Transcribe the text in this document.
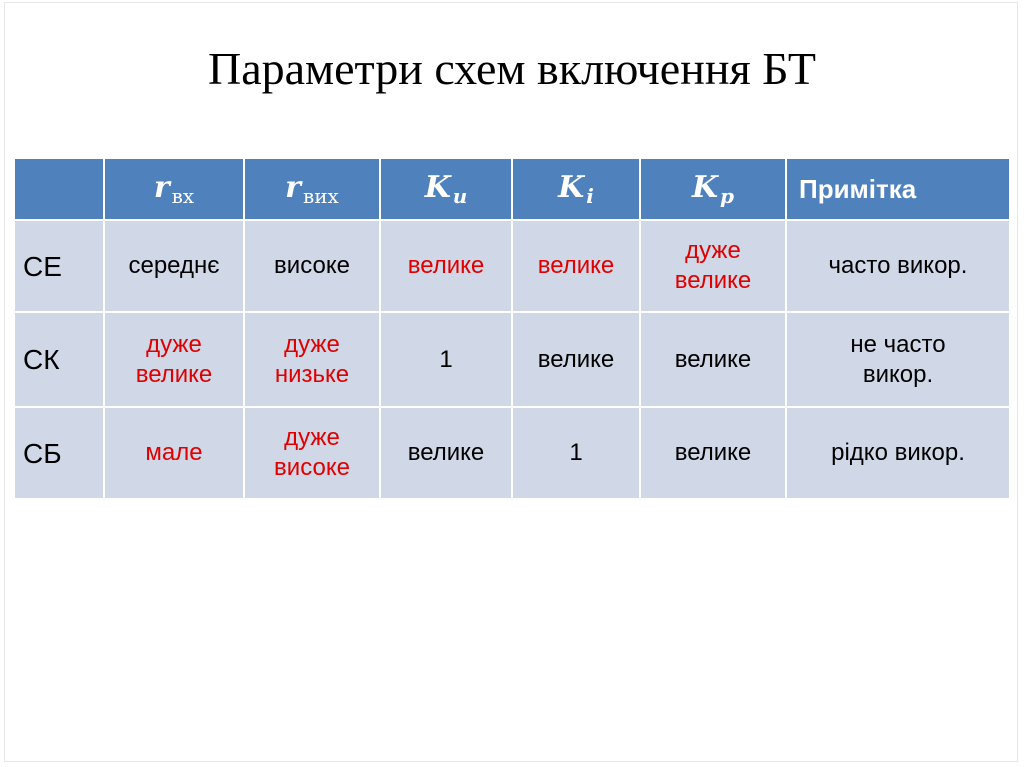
Параметри схем включення БТ
	r $_{вх}$	r $_{вих}$	K $_u$	K $_i$	K $_p$	Примітка
СЕ	середнє	високе	велике	велике	дуже велике	часто викор.
СК	дуже велике	дуже низьке	1	велике	велике	не часто викор.
СБ	мале	дуже високе	велике	1	велике	рідко викор.
